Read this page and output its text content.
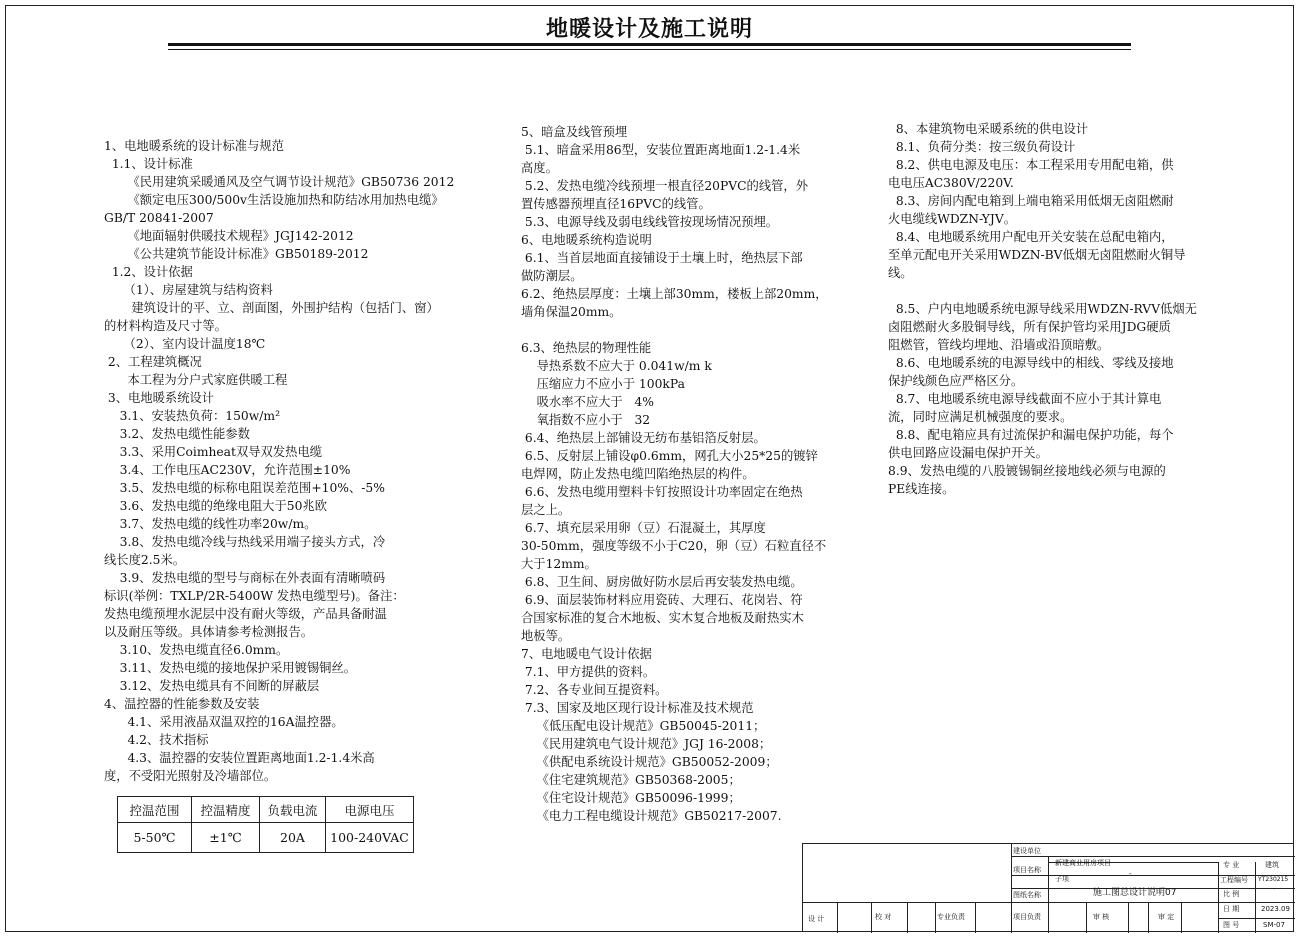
地暖设计及施工说明
1、电地暖系统的设计标准与规范
1.1、设计标准
《民用建筑采暖通风及空气调节设计规范》GB50736 2012
《额定电压300/500v生活设施加热和防结冰用加热电缆》
GB/T 20841-2007
《地面辐射供暖技术规程》JGJ142-2012
《公共建筑节能设计标准》GB50189-2012
1.2、设计依据
（1）、房屋建筑与结构资料
建筑设计的平、立、剖面图，外围护结构（包括门、窗）
的材料构造及尺寸等。
（2）、室内设计温度18℃
2、工程建筑概况
本工程为分户式家庭供暖工程
3、电地暖系统设计
3.1、安装热负荷：150w/m²
3.2、发热电缆性能参数
3.3、采用Coimheat双导双发热电缆
3.4、工作电压AC230V，允许范围±10%
3.5、发热电缆的标称电阻误差范围+10%、-5%
3.6、发热电缆的绝缘电阻大于50兆欧
3.7、发热电缆的线性功率20w/m。
3.8、发热电缆冷线与热线采用端子接头方式，冷
线长度2.5米。
3.9、发热电缆的型号与商标在外表面有清晰喷码
标识(举例：TXLP/2R-5400W 发热电缆型号)。备注：
发热电缆预埋水泥层中没有耐火等级，产品具备耐温
以及耐压等级。具体请参考检测报告。
3.10、发热电缆直径6.0mm。
3.11、发热电缆的接地保护采用镀锡铜丝。
3.12、发热电缆具有不间断的屏蔽层
4、温控器的性能参数及安装
4.1、采用液晶双温双控的16A温控器。
4.2、技术指标
4.3、温控器的安装位置距离地面1.2-1.4米高
度，不受阳光照射及冷墙部位。
5、暗盒及线管预埋
5.1、暗盒采用86型，安装位置距离地面1.2-1.4米
高度。
5.2、发热电缆冷线预埋一根直径20PVC的线管，外
置传感器预埋直径16PVC的线管。
5.3、电源导线及弱电线线管按现场情况预埋。
6、电地暖系统构造说明
6.1、当首层地面直接铺设于土壤上时，绝热层下部
做防潮层。
6.2、绝热层厚度：土壤上部30mm，楼板上部20mm，
墙角保温20mm。
6.3、绝热层的物理性能
导热系数不应大于 0.041w/m k
压缩应力不应小于 100kPa
吸水率不应大于   4%
氧指数不应小于   32
6.4、绝热层上部铺设无纺布基铝箔反射层。
6.5、反射层上铺设φ0.6mm，网孔大小25*25的镀锌
电焊网，防止发热电缆凹陷绝热层的构件。
6.6、发热电缆用塑料卡钉按照设计功率固定在绝热
层之上。
6.7、填充层采用卵（豆）石混凝土，其厚度
30-50mm，强度等级不小于C20，卵（豆）石粒直径不
大于12mm。
6.8、卫生间、厨房做好防水层后再安装发热电缆。
6.9、面层装饰材料应用瓷砖、大理石、花岗岩、符
合国家标准的复合木地板、实木复合地板及耐热实木
地板等。
7、电地暖电气设计依据
7.1、甲方提供的资料。
7.2、各专业间互提资料。
7.3、国家及地区现行设计标准及技术规范
《低压配电设计规范》GB50045-2011；
《民用建筑电气设计规范》JGJ 16-2008；
《供配电系统设计规范》GB50052-2009；
《住宅建筑规范》GB50368-2005；
《住宅设计规范》GB50096-1999；
《电力工程电缆设计规范》GB50217-2007.
8、本建筑物电采暖系统的供电设计
8.1、负荷分类：按三级负荷设计
8.2、供电电源及电压：本工程采用专用配电箱，供
电电压AC380V/220V.
8.3、房间内配电箱到上端电箱采用低烟无卤阻燃耐
火电缆线WDZN-YJV。
8.4、电地暖系统用户配电开关安装在总配电箱内，
至单元配电开关采用WDZN-BV低烟无卤阻燃耐火铜导
线。
8.5、户内电地暖系统电源导线采用WDZN-RVV低烟无
卤阻燃耐火多股铜导线，所有保护管均采用JDG硬质
阻燃管，管线均埋地、沿墙或沿顶暗敷。
8.6、电地暖系统的电源导线中的相线、零线及接地
保护线颜色应严格区分。
8.7、电地暖系统电源导线截面不应小于其计算电
流，同时应满足机械强度的要求。
8.8、配电箱应具有过流保护和漏电保护功能，每个
供电回路应设漏电保护开关。
8.9、发热电缆的八股镀锡铜丝接地线必须与电源的
PE线连接。
控温范围	控温精度	负载电流	电源电压
5-50℃	±1℃	20A	100-240VAC
建设单位
项目名称
新建商业用房项目
子项
-
图纸名称	施工图总设计说明07
设 计	校 对	专业负责	项目负责	审 核	审 定
专 业	建筑
工程编号 YT230215
比 例
-
日 期	2023.09
图 号	SM-07
